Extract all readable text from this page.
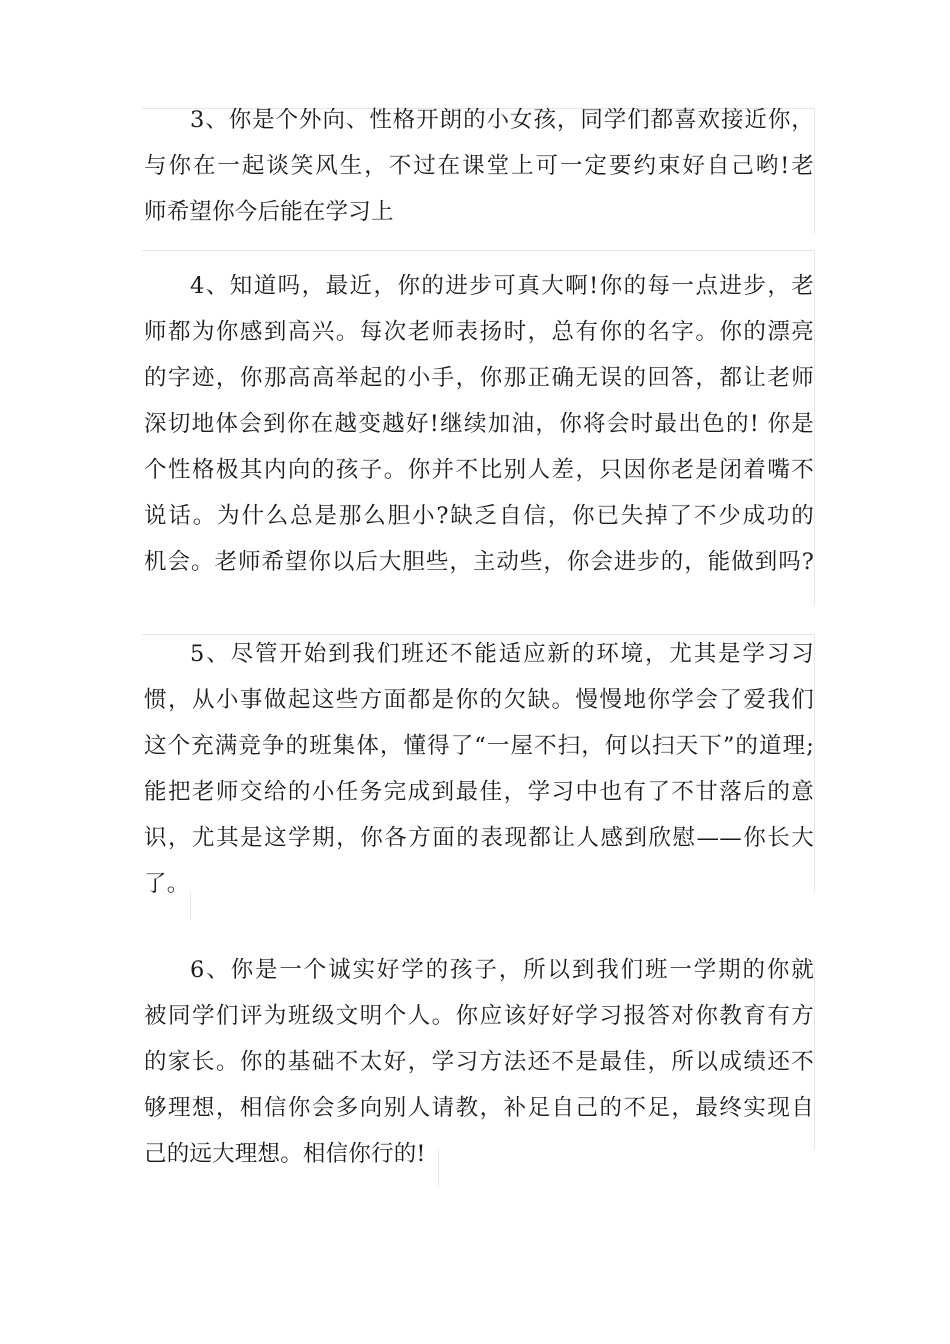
3、你是个外向、性格开朗的小女孩，同学们都喜欢接近你，
与你在一起谈笑风生，不过在课堂上可一定要约束好自己哟!老
师希望你今后能在学习上
4、知道吗，最近，你的进步可真大啊!你的每一点进步，老
师都为你感到高兴。每次老师表扬时，总有你的名字。你的漂亮
的字迹，你那高高举起的小手，你那正确无误的回答，都让老师
深切地体会到你在越变越好!继续加油，你将会时最出色的! 你是
个性格极其内向的孩子。你并不比别人差，只因你老是闭着嘴不
说话。为什么总是那么胆小?缺乏自信，你已失掉了不少成功的
机会。老师希望你以后大胆些，主动些，你会进步的，能做到吗?
5、尽管开始到我们班还不能适应新的环境，尤其是学习习
惯，从小事做起这些方面都是你的欠缺。慢慢地你学会了爱我们
这个充满竞争的班集体，懂得了“一屋不扫，何以扫天下”的道理;
能把老师交给的小任务完成到最佳，学习中也有了不甘落后的意
识，尤其是这学期，你各方面的表现都让人感到欣慰——你长大
了。
6、你是一个诚实好学的孩子，所以到我们班一学期的你就
被同学们评为班级文明个人。你应该好好学习报答对你教育有方
的家长。你的基础不太好，学习方法还不是最佳，所以成绩还不
够理想，相信你会多向别人请教，补足自己的不足，最终实现自
己的远大理想。相信你行的!
